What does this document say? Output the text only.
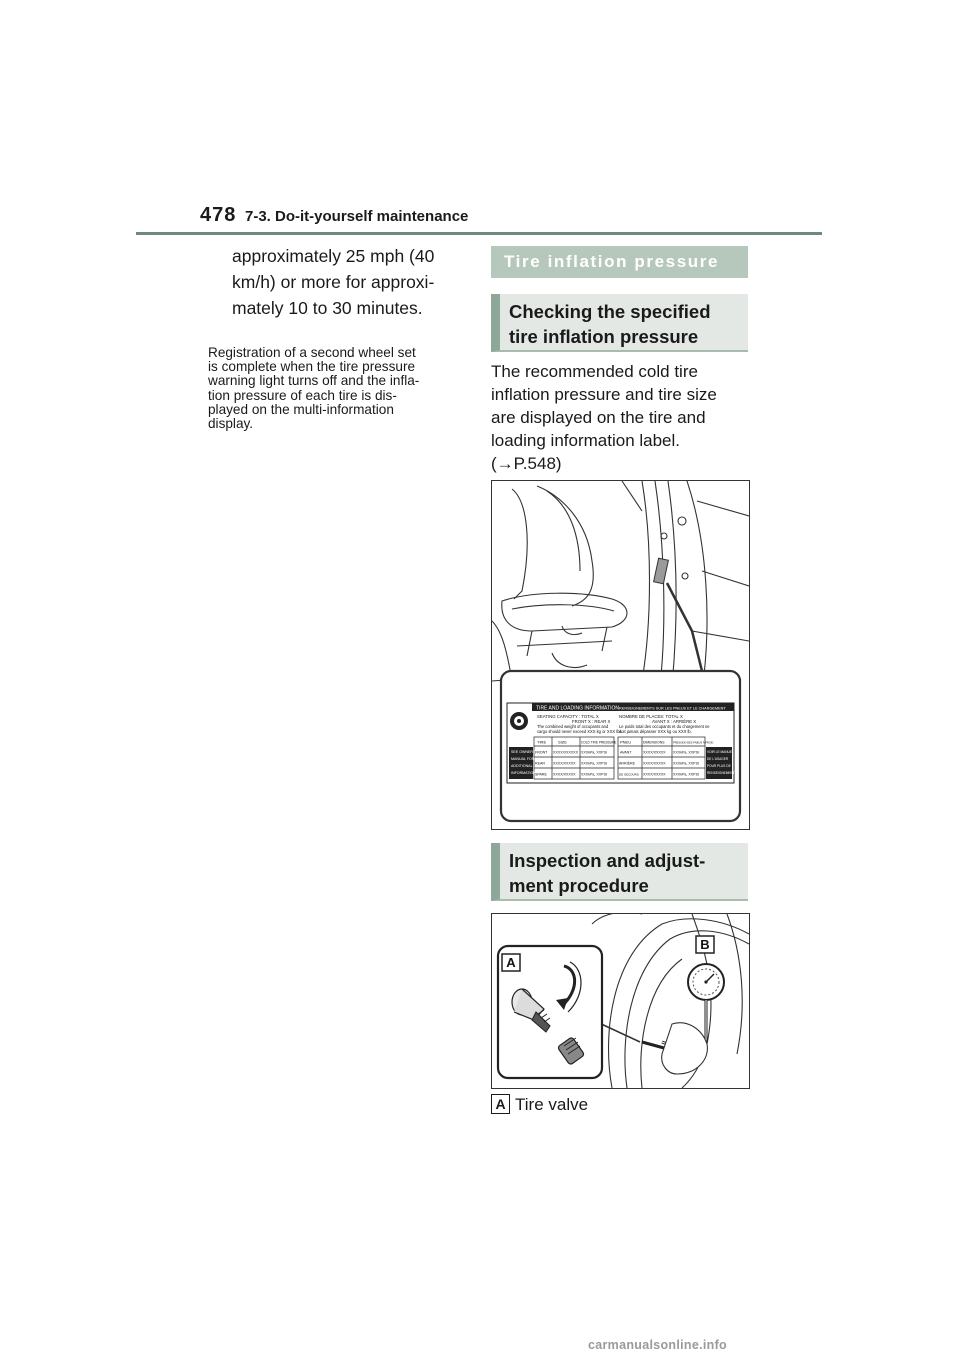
478 7-3. Do-it-yourself maintenance
approximately 25 mph (40
km/h) or more for approxi-
mately 10 to 30 minutes.
Registration of a second wheel set
is complete when the tire pressure
warning light turns off and the infla-
tion pressure of each tire is dis-
played on the multi-information
display.
Tire inflation pressure
Checking the specified
tire inflation pressure
The recommended cold tire
inflation pressure and tire size
are displayed on the tire and
loading information label.
(→P.548)
TIRE AND LOADING INFORMATION RENSEIGNEMENTS SUR LES PNEUS ET LE CHARGEMENT
SEATING CAPACITY : TOTAL X
FRONT X : REAR X
The combined weight of occupants and
cargo should never exceed XXX kg or XXX lbs.
NOMBRE DE PLACES: TOTAL X
AVANT X : ARRIÈRE X
Le poids total des occupants et du chargement ne
doit jamais dépasser XXX kg ou XXX lb.
SEE OWNER'S
MANUAL FOR
ADDITIONAL
INFORMATION
VOIR LE MANUEL
DE L'USAGER
POUR PLUS DE
RENSEIGNEMENTS
TIRE	SIZE	COLD TIRE PRESSURE PNEU	DIMENSIONS	PRESSION DES PNEUS À FROID
FRONT XXXXX/XXXXX XXXkPa, XXPSI
REAR XXXX/XXXXX XXXkPa, XXPSI
SPARE XXXX/XXXXX XXXkPa, XXPSI
AVANT	XXXX/XXXXX XXXkPa, XXPSI
ARRIÈRE XXXX/XXXXX XXXkPa, XXPSI
DE SECOURS XXXX/XXXXX XXXkPa, XXPSI
Inspection and adjust-
ment procedure
A
B
A Tire valve
carmanualsonline.info
